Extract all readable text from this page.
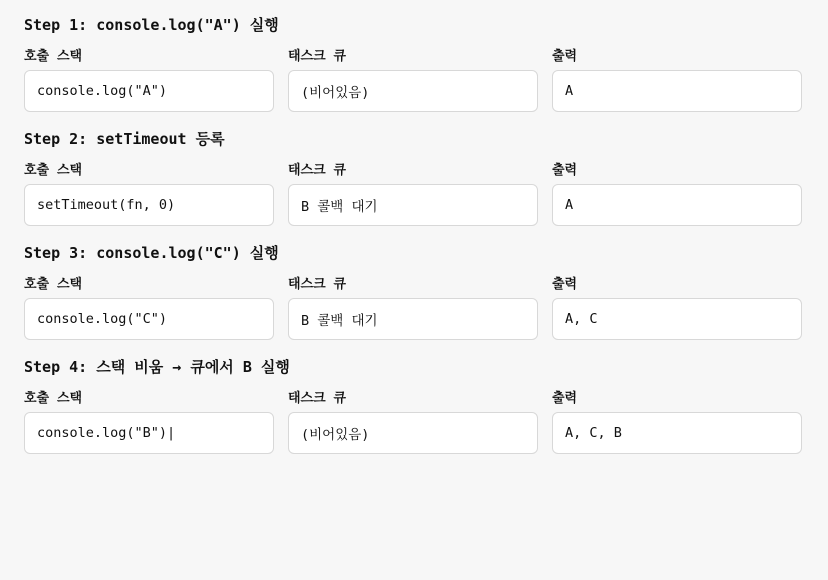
Step 1: console.log("A") 실행
호출 스택
console.log("A")
태스크 큐
(비어있음)
출력
A
Step 2: setTimeout 등록
호출 스택
setTimeout(fn, 0)
태스크 큐
B 콜백 대기
출력
A
Step 3: console.log("C") 실행
호출 스택
console.log("C")
태스크 큐
B 콜백 대기
출력
A, C
Step 4: 스택 비움 → 큐에서 B 실행
호출 스택
console.log("B")|
태스크 큐
(비어있음)
출력
A, C, B
